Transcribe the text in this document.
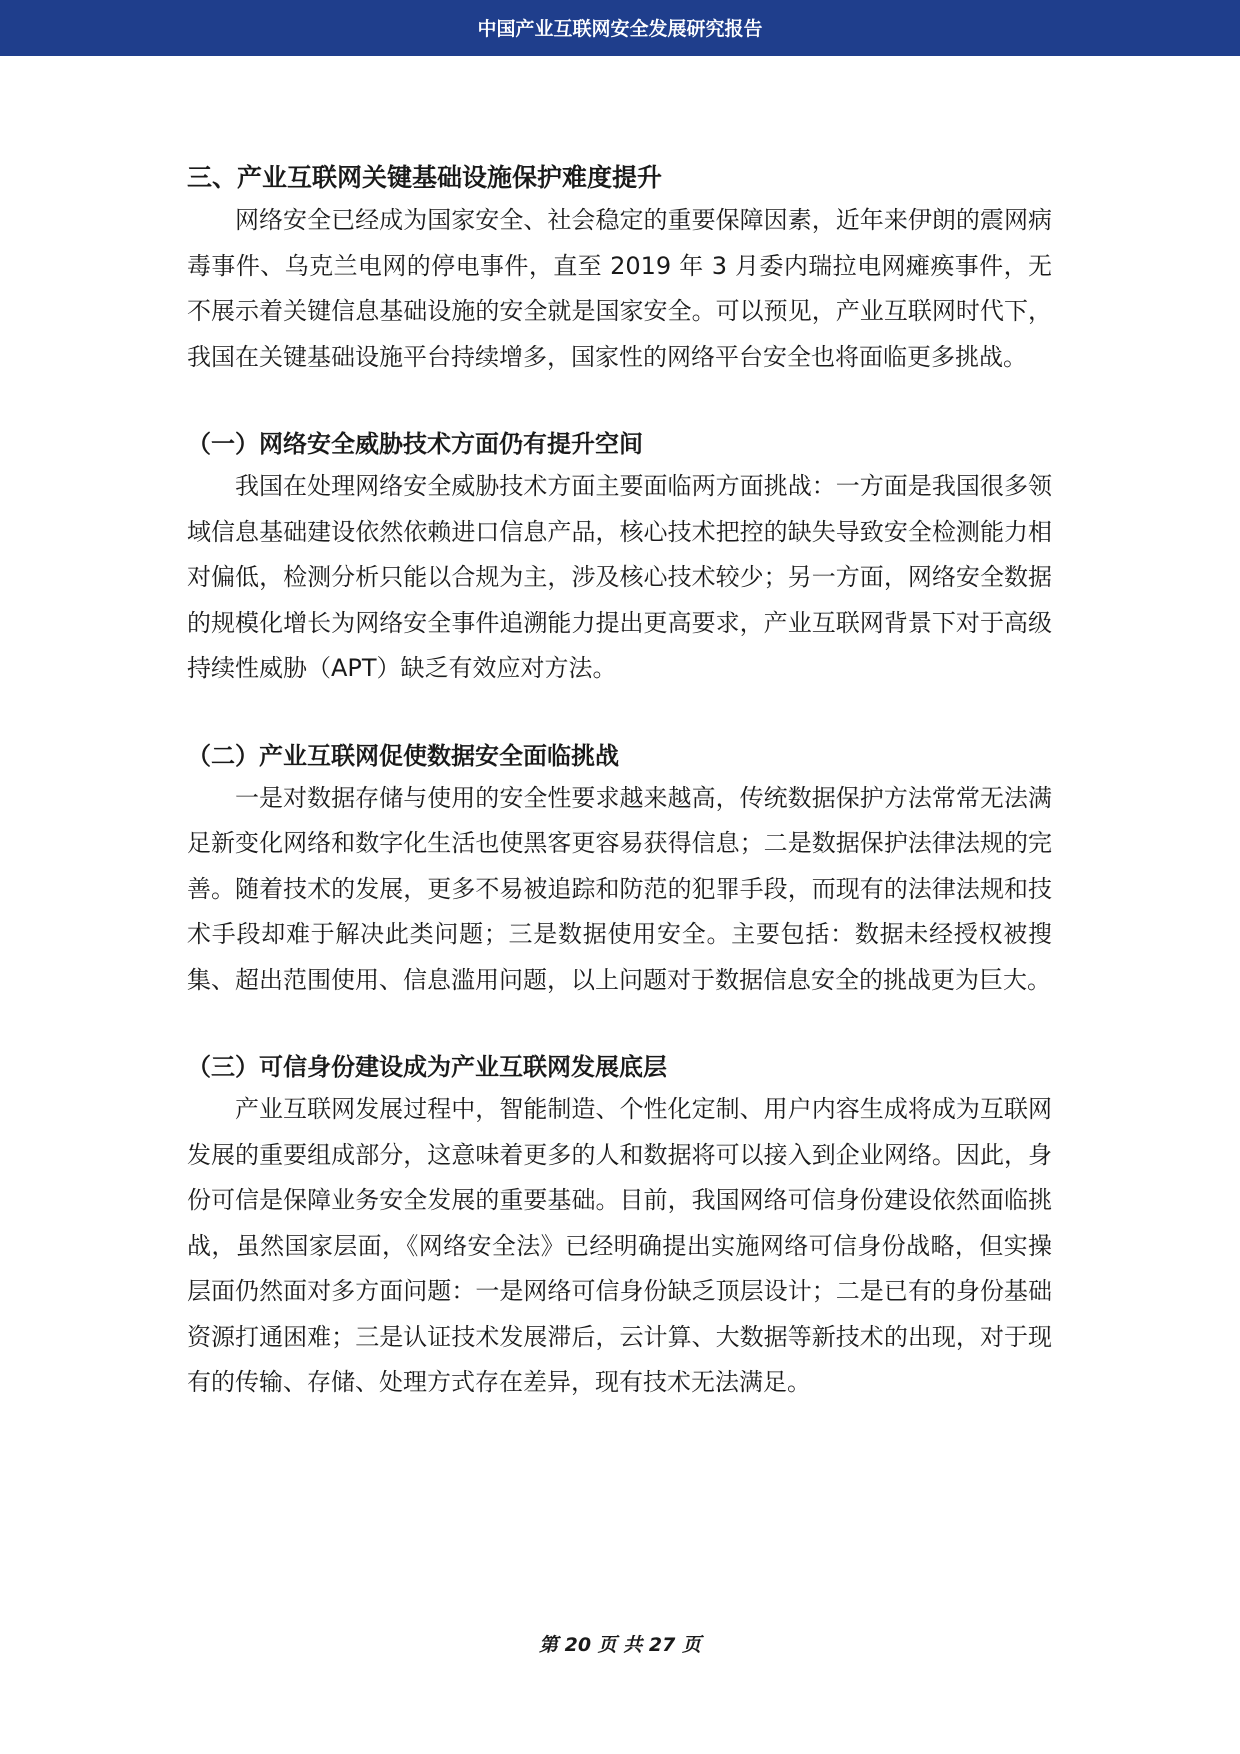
中国产业互联网安全发展研究报告
三、产业互联网关键基础设施保护难度提升

网络安全已经成为国家安全、社会稳定的重要保障因素，近年来伊朗的震网病毒事件、乌克兰电网的停电事件，直至 2019 年 3 月委内瑞拉电网瘫痪事件，无不展示着关键信息基础设施的安全就是国家安全。可以预见，产业互联网时代下，我国在关键基础设施平台持续增多，国家性的网络平台安全也将面临更多挑战。

（一）网络安全威胁技术方面仍有提升空间

我国在处理网络安全威胁技术方面主要面临两方面挑战：一方面是我国很多领域信息基础建设依然依赖进口信息产品，核心技术把控的缺失导致安全检测能力相对偏低，检测分析只能以合规为主，涉及核心技术较少；另一方面，网络安全数据的规模化增长为网络安全事件追溯能力提出更高要求，产业互联网背景下对于高级持续性威胁（APT）缺乏有效应对方法。

（二）产业互联网促使数据安全面临挑战

一是对数据存储与使用的安全性要求越来越高，传统数据保护方法常常无法满足新变化网络和数字化生活也使黑客更容易获得信息；二是数据保护法律法规的完善。随着技术的发展，更多不易被追踪和防范的犯罪手段，而现有的法律法规和技术手段却难于解决此类问题；三是数据使用安全。主要包括：数据未经授权被搜集、超出范围使用、信息滥用问题，以上问题对于数据信息安全的挑战更为巨大。

（三）可信身份建设成为产业互联网发展底层

产业互联网发展过程中，智能制造、个性化定制、用户内容生成将成为互联网发展的重要组成部分，这意味着更多的人和数据将可以接入到企业网络。因此，身份可信是保障业务安全发展的重要基础。目前，我国网络可信身份建设依然面临挑战，虽然国家层面，《网络安全法》已经明确提出实施网络可信身份战略，但实操层面仍然面对多方面问题：一是网络可信身份缺乏顶层设计；二是已有的身份基础资源打通困难；三是认证技术发展滞后，云计算、大数据等新技术的出现，对于现有的传输、存储、处理方式存在差异，现有技术无法满足。

第 20 页 共 27 页
